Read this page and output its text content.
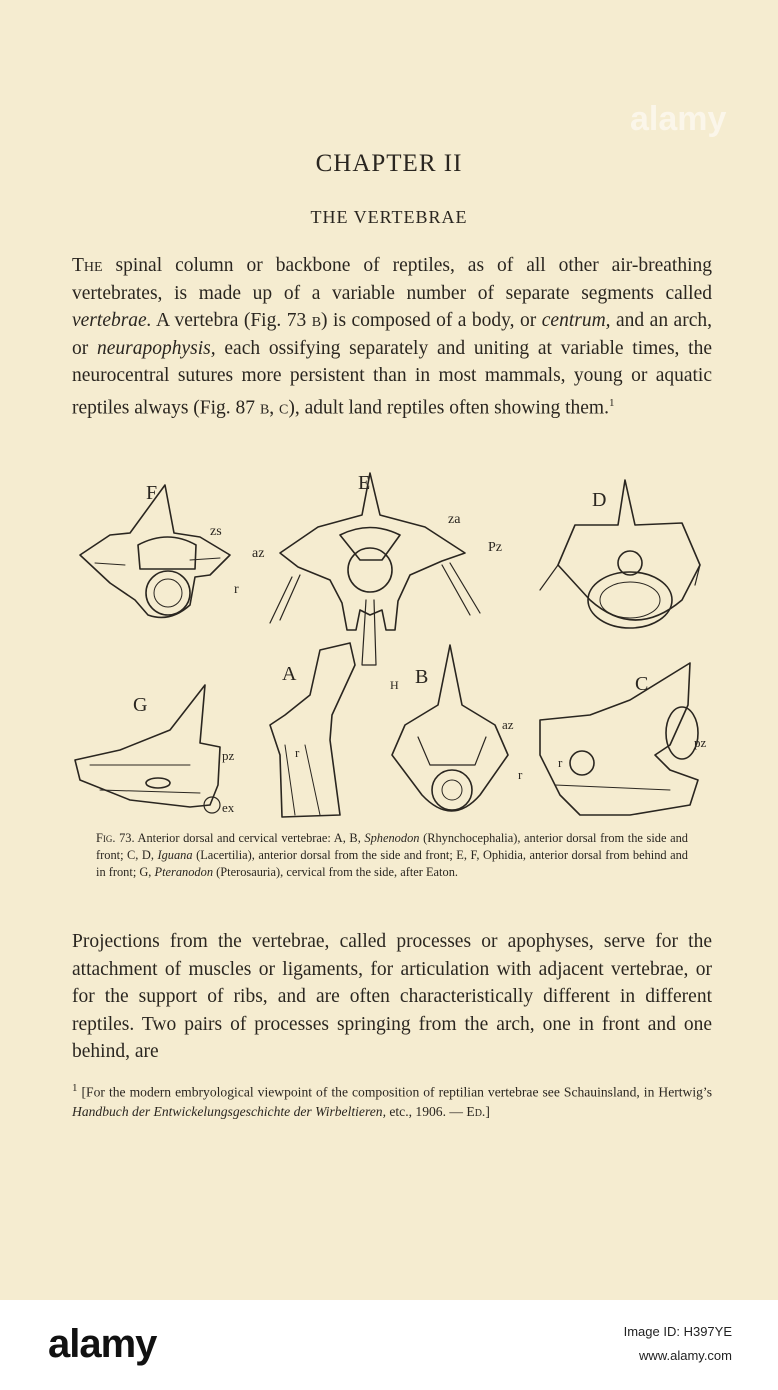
alamy
CHAPTER II
THE VERTEBRAE
The spinal column or backbone of reptiles, as of all other air-breathing vertebrates, is made up of a variable number of separate segments called vertebrae. A vertebra (Fig. 73 b) is composed of a body, or centrum, and an arch, or neurapophysis, each ossifying separately and uniting at variable times, the neurocentral sutures more persistent than in most mammals, young or aquatic reptiles always (Fig. 87 b, c), adult land reptiles often showing them.$^1$
F	E
D
G
A	B	C
H
zs
az
r
za
Pz
pz
ex
r
az
r
r
pz
Fig. 73. Anterior dorsal and cervical vertebrae: A, B, Sphenodon (Rhynchocephalia), anterior dorsal from the side and front; C, D, Iguana (Lacertilia), anterior dorsal from the side and front; E, F, Ophidia, anterior dorsal from behind and in front; G, Pteranodon (Pterosauria), cervical from the side, after Eaton.
Projections from the vertebrae, called processes or apophyses, serve for the attachment of muscles or ligaments, for articulation with adjacent vertebrae, or for the support of ribs, and are often characteristically different in different reptiles. Two pairs of processes springing from the arch, one in front and one behind, are
$^1$ [For the modern embryological viewpoint of the composition of reptilian vertebrae see Schauinsland, in Hertwig’s Handbuch der Entwickelungsgeschichte der Wirbeltieren, etc., 1906. — Ed.]
alamy	Image ID: H397YE
www.alamy.com
